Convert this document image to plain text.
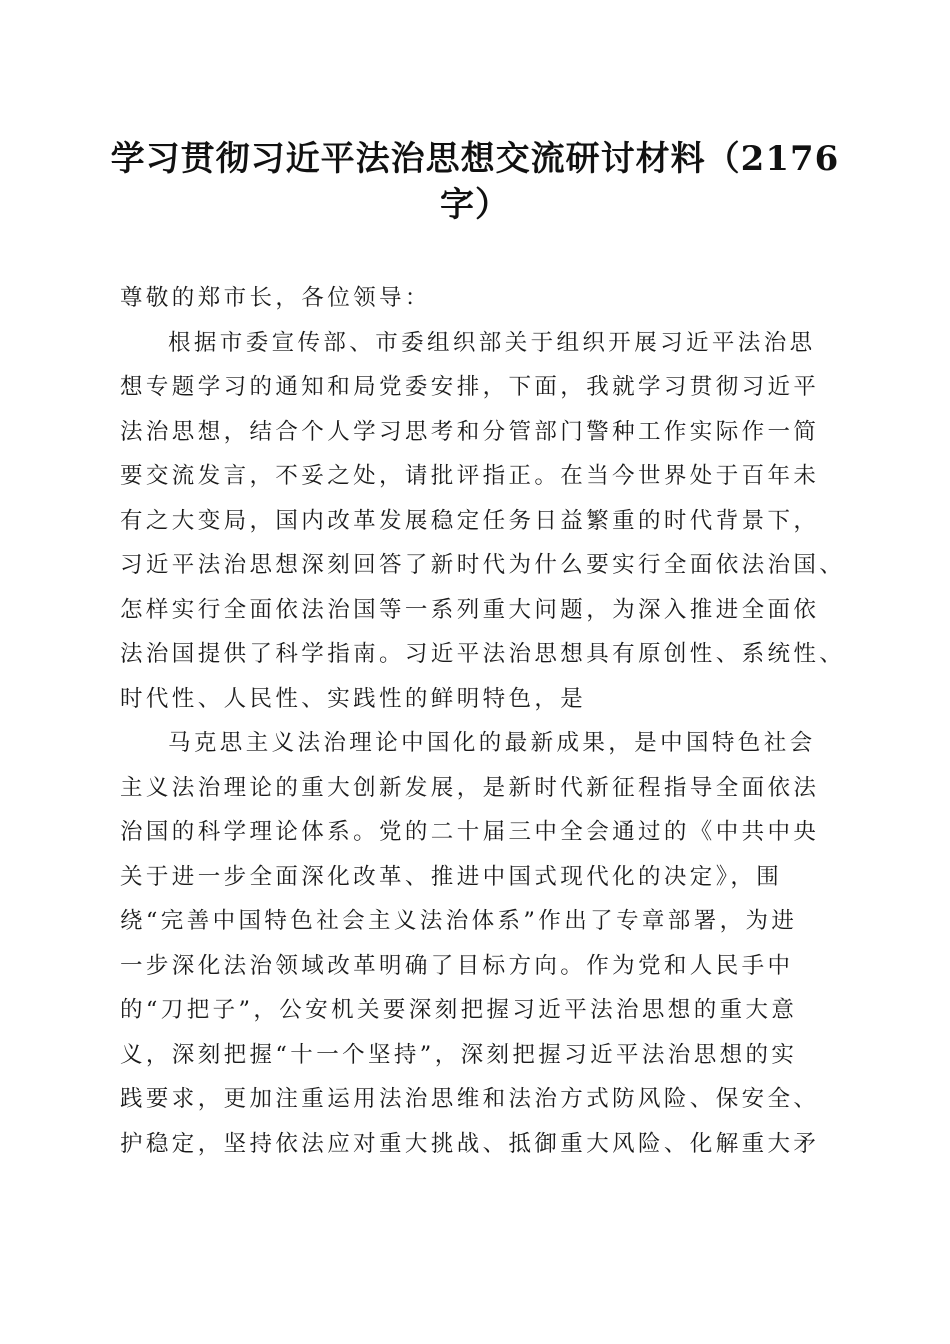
学习贯彻习近平法治思想交流研讨材料（2176
字）
尊敬的郑市长，各位领导：
根据市委宣传部、市委组织部关于组织开展习近平法治思
想专题学习的通知和局党委安排，下面，我就学习贯彻习近平
法治思想，结合个人学习思考和分管部门警种工作实际作一简
要交流发言，不妥之处，请批评指正。在当今世界处于百年未
有之大变局，国内改革发展稳定任务日益繁重的时代背景下，
习近平法治思想深刻回答了新时代为什么要实行全面依法治国、
怎样实行全面依法治国等一系列重大问题，为深入推进全面依
法治国提供了科学指南。习近平法治思想具有原创性、系统性、
时代性、人民性、实践性的鲜明特色，是
马克思主义法治理论中国化的最新成果，是中国特色社会
主义法治理论的重大创新发展，是新时代新征程指导全面依法
治国的科学理论体系。党的二十届三中全会通过的《中共中央
关于进一步全面深化改革、推进中国式现代化的决定》，围
绕“完善中国特色社会主义法治体系”作出了专章部署，为进
一步深化法治领域改革明确了目标方向。作为党和人民手中
的“刀把子”，公安机关要深刻把握习近平法治思想的重大意
义，深刻把握“十一个坚持”，深刻把握习近平法治思想的实
践要求，更加注重运用法治思维和法治方式防风险、保安全、
护稳定，坚持依法应对重大挑战、抵御重大风险、化解重大矛
